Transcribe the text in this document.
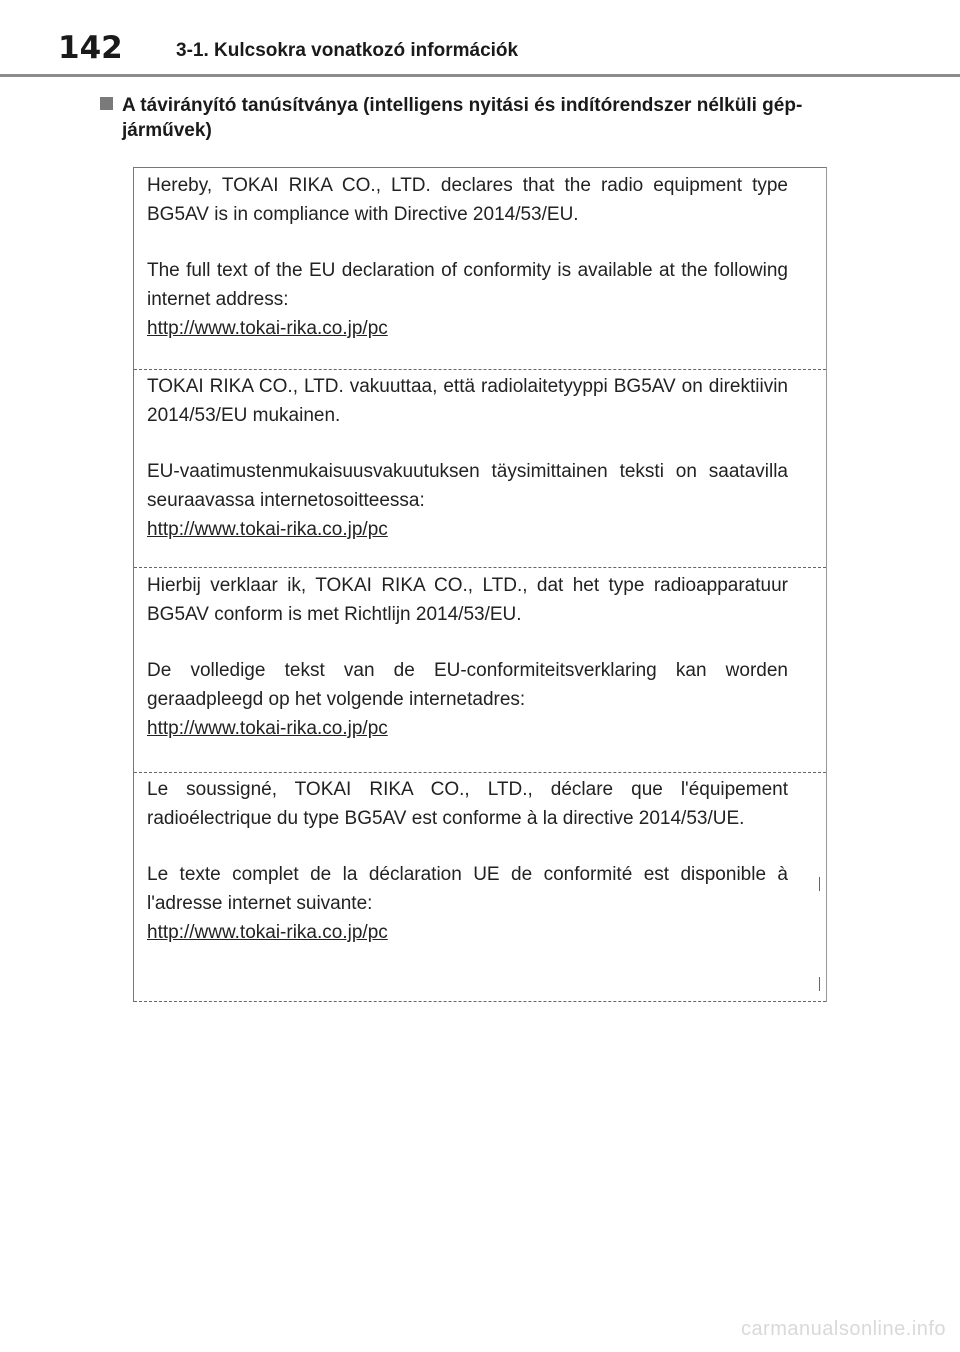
142	3-1. Kulcsokra vonatkozó információk
A távirányító tanúsítványa (intelligens nyitási és indítórendszer nélküli gép-járművek)

Hereby, TOKAI RIKA CO., LTD. declares that the radio equipment type BG5AV is in compliance with Directive 2014/53/EU.

The full text of the EU declaration of conformity is available at the following internet address:

http://www.tokai-rika.co.jp/pc

TOKAI RIKA CO., LTD. vakuuttaa, että radiolaitetyyppi BG5AV on direktiivin 2014/53/EU mukainen.

EU-vaatimustenmukaisuusvakuutuksen täysimittainen teksti on saatavilla seuraavassa internetosoitteessa:

http://www.tokai-rika.co.jp/pc

Hierbij verklaar ik, TOKAI RIKA CO., LTD., dat het type radioapparatuur BG5AV conform is met Richtlijn 2014/53/EU.

De volledige tekst van de EU-conformiteitsverklaring kan worden geraadpleegd op het volgende internetadres:

http://www.tokai-rika.co.jp/pc

Le soussigné, TOKAI RIKA CO., LTD., déclare que l'équipement radioélectrique du type BG5AV est conforme à la directive 2014/53/UE.

Le texte complet de la déclaration UE de conformité est disponible à l'adresse internet suivante:

http://www.tokai-rika.co.jp/pc
carmanualsonline.info
